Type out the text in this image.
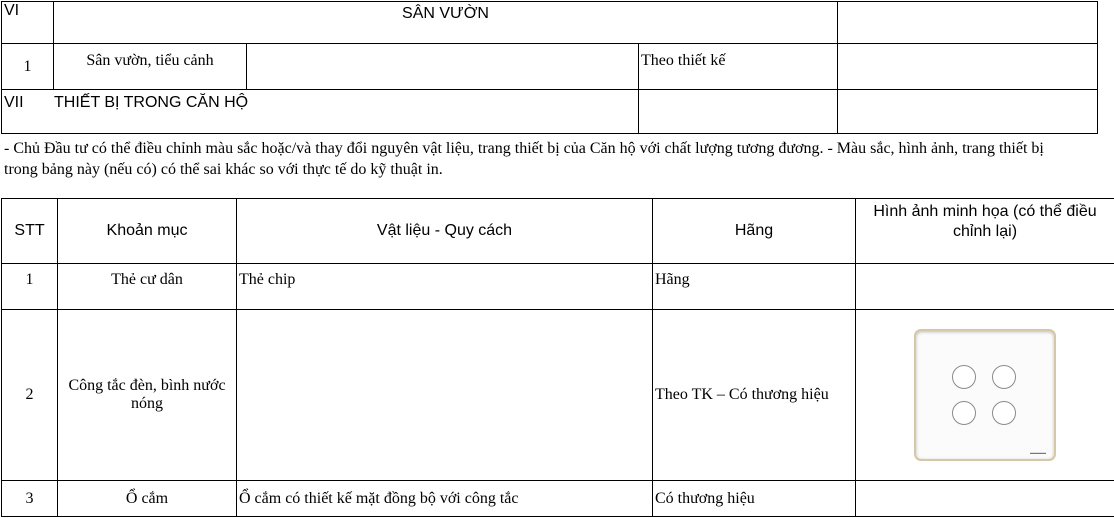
VI	SÂN VƯỜN			
1	Sân vườn, tiểu cảnh		Theo thiết kế	
VII THIẾT BỊ TRONG CĂN HỘ				

- Chủ Đầu tư có thể điều chỉnh màu sắc hoặc/và thay đổi nguyên vật liệu, trang thiết bị của Căn hộ với chất lượng tương đương. - Màu sắc, hình ảnh, trang thiết bị trong bảng này (nếu có) có thể sai khác so với thực tế do kỹ thuật in.

STT	Khoản mục	Vật liệu - Quy cách	Hãng	Hình ảnh minh họa (có thể điều chỉnh lại)
1	Thẻ cư dân	Thẻ chip	Hãng	
2	Công tắc đèn, bình nước nóng		Theo TK – Có thương hiệu	▬▬▬▬

3	Ổ cắm	Ổ cắm có thiết kế mặt đồng bộ với công tắc	Có thương hiệu	
